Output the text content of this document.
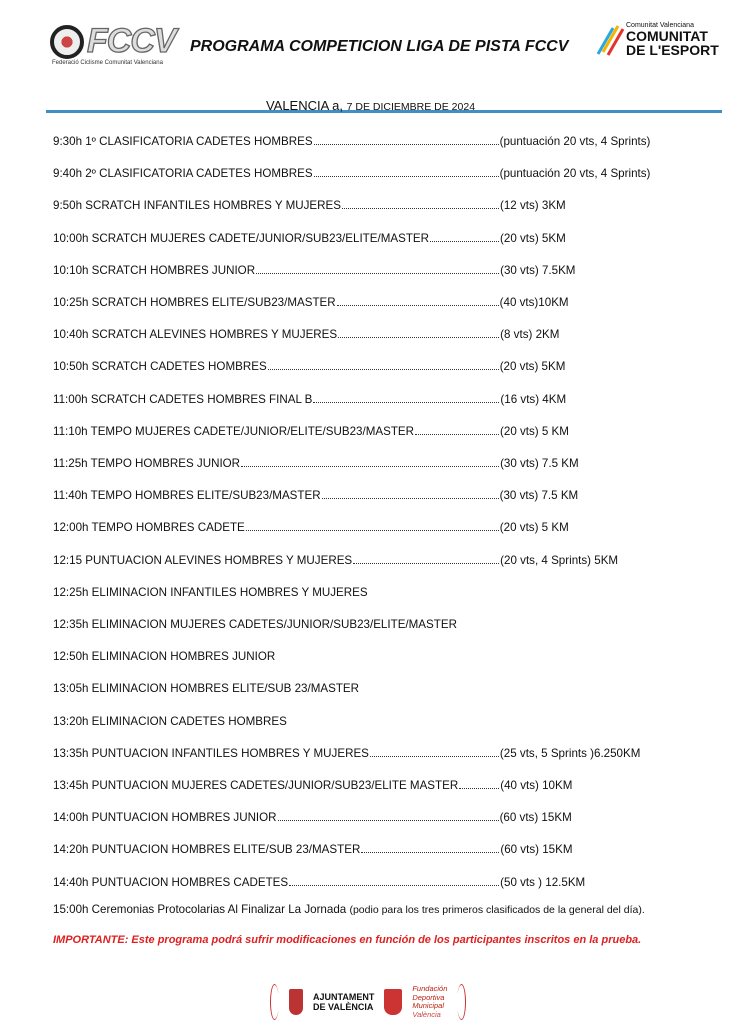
FCCV
Federació Ciclisme Comunitat Valenciana
PROGRAMA COMPETICION LIGA DE PISTA FCCV
Comunitat Valenciana
COMUNITAT
DE L'ESPORT
VALENCIA a, 7 DE DICIEMBRE DE 2024
9:30h 1º CLASIFICATORIA CADETES HOMBRES	(puntuación 20 vts, 4 Sprints)
9:40h 2º CLASIFICATORIA CADETES HOMBRES	(puntuación 20 vts, 4 Sprints)
9:50h SCRATCH INFANTILES HOMBRES Y MUJERES	(12 vts) 3KM
10:00h SCRATCH MUJERES CADETE/JUNIOR/SUB23/ELITE/MASTER	(20 vts) 5KM
10:10h SCRATCH HOMBRES JUNIOR	(30 vts) 7.5KM
10:25h SCRATCH HOMBRES ELITE/SUB23/MASTER	(40 vts)10KM
10:40h SCRATCH ALEVINES HOMBRES Y MUJERES	(8 vts) 2KM
10:50h SCRATCH CADETES HOMBRES	(20 vts) 5KM
11:00h SCRATCH CADETES HOMBRES FINAL B	(16 vts) 4KM
11:10h TEMPO MUJERES CADETE/JUNIOR/ELITE/SUB23/MASTER	(20 vts) 5 KM
11:25h TEMPO HOMBRES JUNIOR	(30 vts) 7.5 KM
11:40h TEMPO HOMBRES ELITE/SUB23/MASTER	(30 vts) 7.5 KM
12:00h TEMPO HOMBRES CADETE	(20 vts) 5 KM
12:15 PUNTUACION ALEVINES HOMBRES Y MUJERES	(20 vts, 4 Sprints) 5KM
12:25h ELIMINACION INFANTILES HOMBRES Y MUJERES
12:35h ELIMINACION MUJERES CADETES/JUNIOR/SUB23/ELITE/MASTER
12:50h ELIMINACION HOMBRES JUNIOR
13:05h ELIMINACION HOMBRES ELITE/SUB 23/MASTER
13:20h ELIMINACION CADETES HOMBRES
13:35h PUNTUACION INFANTILES HOMBRES Y MUJERES	(25 vts, 5 Sprints )6.250KM
13:45h PUNTUACION MUJERES CADETES/JUNIOR/SUB23/ELITE MASTER	(40 vts) 10KM
14:00h PUNTUACION HOMBRES JUNIOR	(60 vts) 15KM
14:20h PUNTUACION HOMBRES ELITE/SUB 23/MASTER	(60 vts) 15KM
14:40h PUNTUACION HOMBRES CADETES	(50 vts ) 12.5KM
15:00h Ceremonias Protocolarias Al Finalizar La Jornada (podio para los tres primeros clasificados de la general del día).
IMPORTANTE: Este programa podrá sufrir modificaciones en función de los participantes inscritos en la prueba.
AJUNTAMENT
DE VALÈNCIA
Fundación
Deportiva
Municipal
València
